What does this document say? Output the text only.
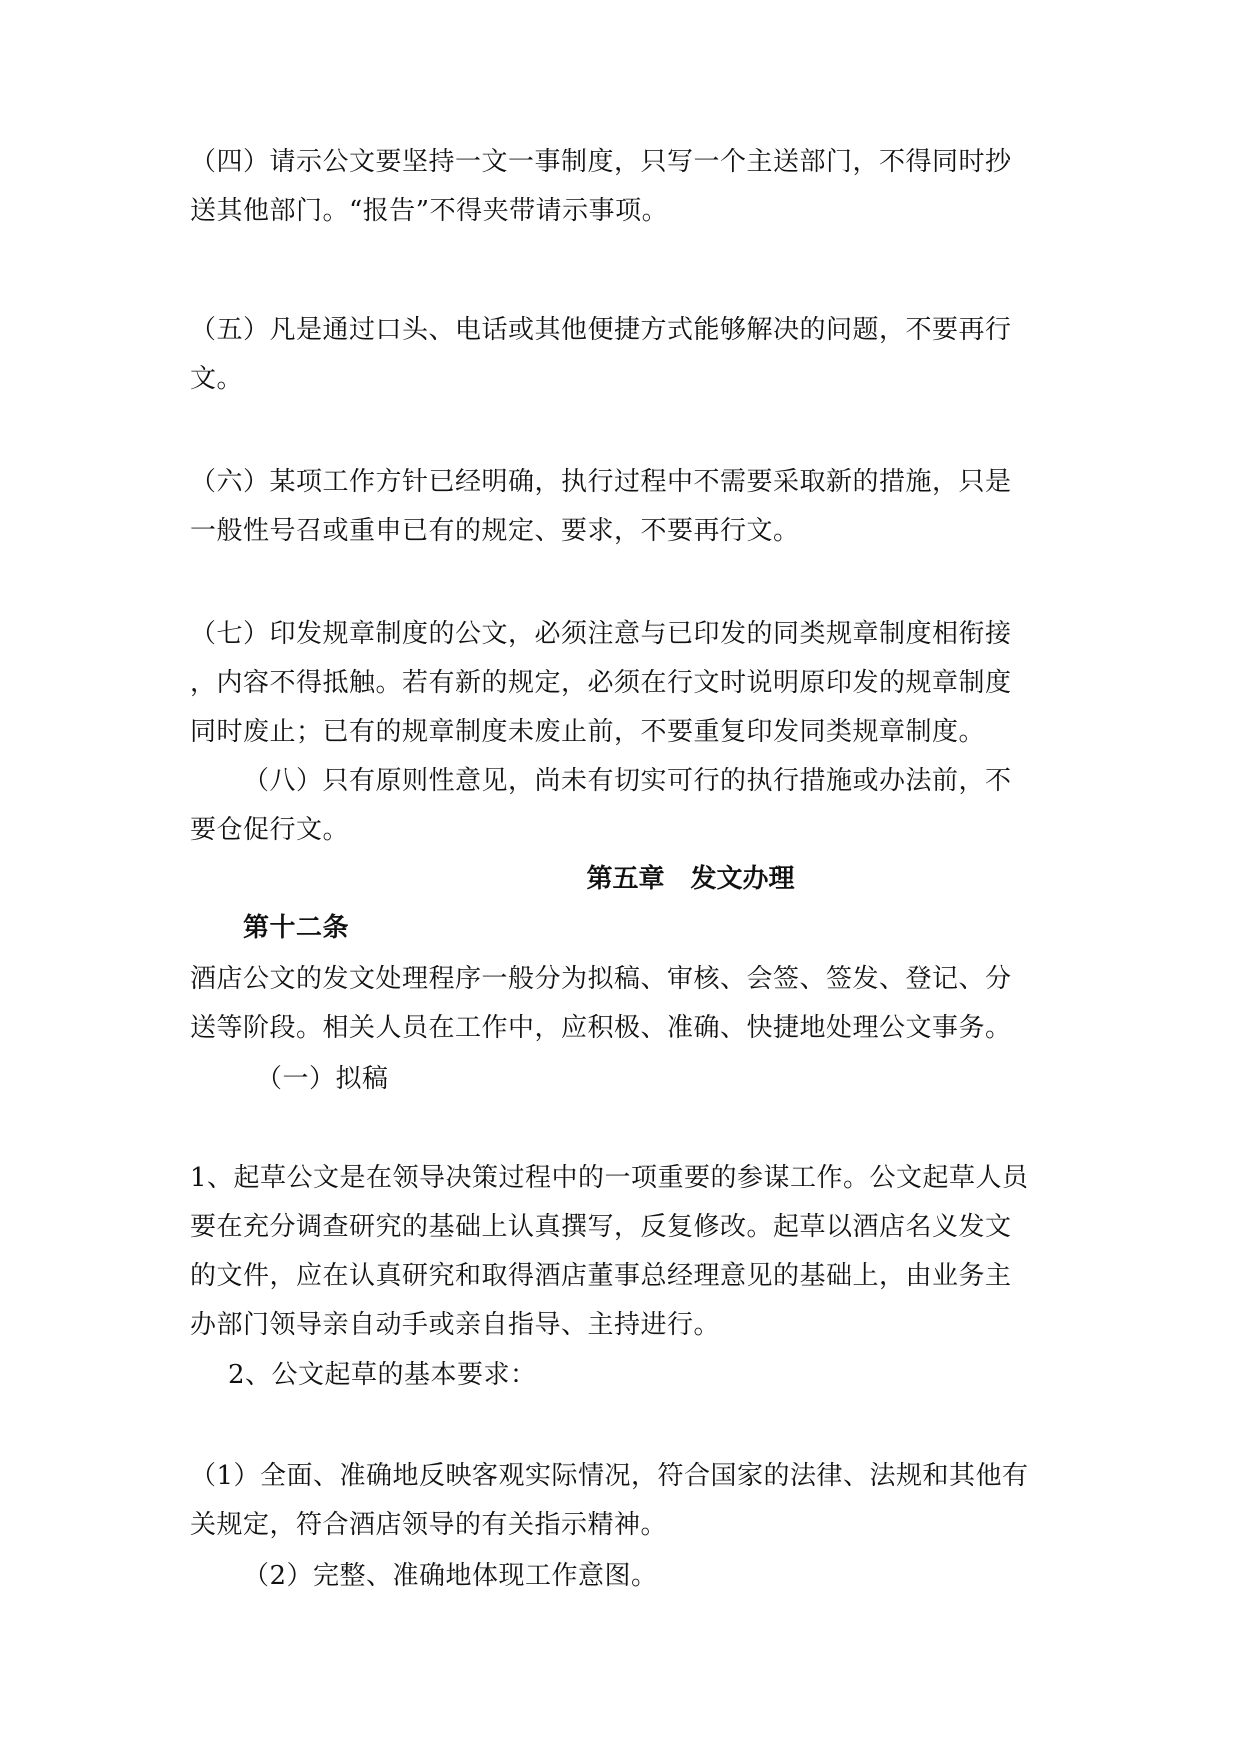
（四）请示公文要坚持一文一事制度，只写一个主送部门，不得同时抄
送其他部门。“报告”不得夹带请示事项。
（五）凡是通过口头、电话或其他便捷方式能够解决的问题，不要再行
文。
（六）某项工作方针已经明确，执行过程中不需要采取新的措施，只是
一般性号召或重申已有的规定、要求，不要再行文。
（七）印发规章制度的公文，必须注意与已印发的同类规章制度相衔接
，内容不得抵触。若有新的规定，必须在行文时说明原印发的规章制度
同时废止；已有的规章制度未废止前，不要重复印发同类规章制度。
（八）只有原则性意见，尚未有切实可行的执行措施或办法前，不
要仓促行文。
第五章　发文办理
第十二条
酒店公文的发文处理程序一般分为拟稿、审核、会签、签发、登记、分
送等阶段。相关人员在工作中，应积极、准确、快捷地处理公文事务。
（一）拟稿
1、起草公文是在领导决策过程中的一项重要的参谋工作。公文起草人员
要在充分调查研究的基础上认真撰写，反复修改。起草以酒店名义发文
的文件，应在认真研究和取得酒店董事总经理意见的基础上，由业务主
办部门领导亲自动手或亲自指导、主持进行。
2、公文起草的基本要求：
（1）全面、准确地反映客观实际情况，符合国家的法律、法规和其他有
关规定，符合酒店领导的有关指示精神。
（2）完整、准确地体现工作意图。
